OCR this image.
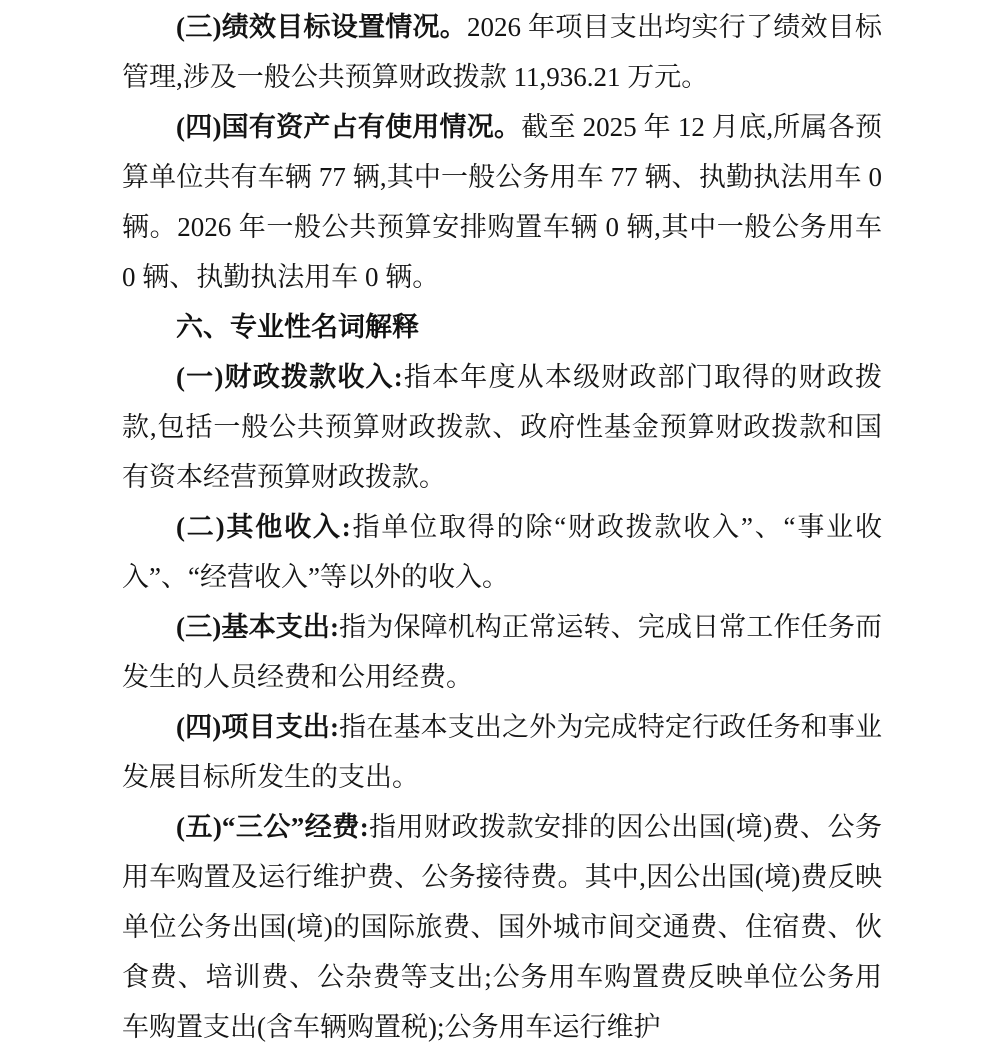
(三)绩效目标设置情况。2026 年项目支出均实行了绩效目标管理,涉及一般公共预算财政拨款 11,936.21 万元。

(四)国有资产占有使用情况。截至 2025 年 12 月底,所属各预算单位共有车辆 77 辆,其中一般公务用车 77 辆、执勤执法用车 0 辆。2026 年一般公共预算安排购置车辆 0 辆,其中一般公务用车 0 辆、执勤执法用车 0 辆。

六、专业性名词解释

(一)财政拨款收入:指本年度从本级财政部门取得的财政拨款,包括一般公共预算财政拨款、政府性基金预算财政拨款和国有资本经营预算财政拨款。

(二)其他收入:指单位取得的除“财政拨款收入”、“事业收入”、“经营收入”等以外的收入。

(三)基本支出:指为保障机构正常运转、完成日常工作任务而发生的人员经费和公用经费。

(四)项目支出:指在基本支出之外为完成特定行政任务和事业发展目标所发生的支出。

(五)“三公”经费:指用财政拨款安排的因公出国(境)费、公务用车购置及运行维护费、公务接待费。其中,因公出国(境)费反映单位公务出国(境)的国际旅费、国外城市间交通费、住宿费、伙食费、培训费、公杂费等支出;公务用车购置费反映单位公务用车购置支出(含车辆购置税);公务用车运行维护
